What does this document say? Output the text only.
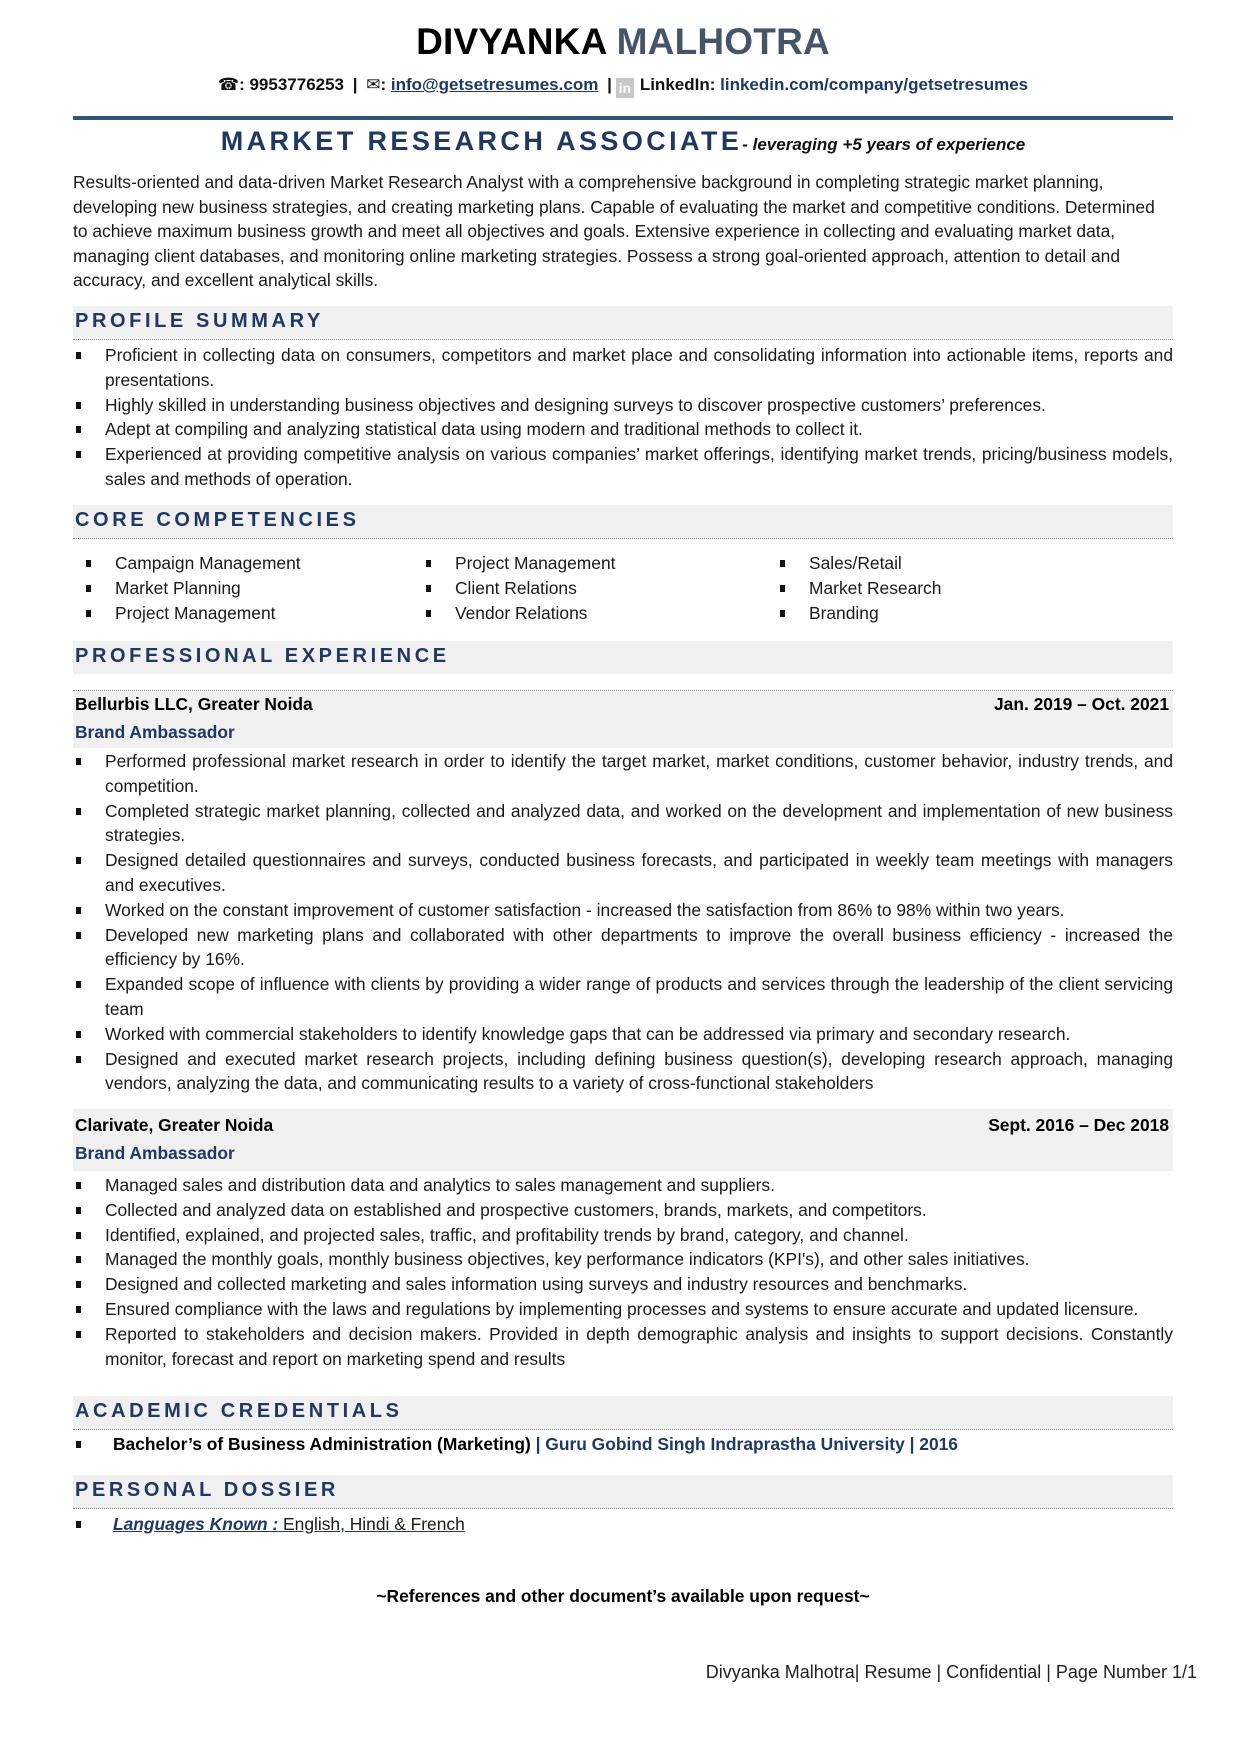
DIVYANKA MALHOTRA
☎: 9953776253 | ✉: info@getsetresumes.com | in LinkedIn: linkedin.com/company/getsetresumes
MARKET RESEARCH ASSOCIATE- leveraging +5 years of experience
Results-oriented and data-driven Market Research Analyst with a comprehensive background in completing strategic market planning, developing new business strategies, and creating marketing plans. Capable of evaluating the market and competitive conditions. Determined to achieve maximum business growth and meet all objectives and goals. Extensive experience in collecting and evaluating market data, managing client databases, and monitoring online marketing strategies. Possess a strong goal-oriented approach, attention to detail and accuracy, and excellent analytical skills.
PROFILE SUMMARY
Proficient in collecting data on consumers, competitors and market place and consolidating information into actionable items, reports and presentations.
Highly skilled in understanding business objectives and designing surveys to discover prospective customers’ preferences.
Adept at compiling and analyzing statistical data using modern and traditional methods to collect it.
Experienced at providing competitive analysis on various companies’ market offerings, identifying market trends, pricing/business models, sales and methods of operation.
CORE COMPETENCIES
Campaign Management
Market Planning
Project Management
Project Management
Client Relations
Vendor Relations
Sales/Retail
Market Research
Branding
PROFESSIONAL EXPERIENCE
Bellurbis LLC, Greater Noida	Jan. 2019 – Oct. 2021
Brand Ambassador
Performed professional market research in order to identify the target market, market conditions, customer behavior, industry trends, and competition.
Completed strategic market planning, collected and analyzed data, and worked on the development and implementation of new business strategies.
Designed detailed questionnaires and surveys, conducted business forecasts, and participated in weekly team meetings with managers and executives.
Worked on the constant improvement of customer satisfaction - increased the satisfaction from 86% to 98% within two years.
Developed new marketing plans and collaborated with other departments to improve the overall business efficiency - increased the efficiency by 16%.
Expanded scope of influence with clients by providing a wider range of products and services through the leadership of the client servicing team
Worked with commercial stakeholders to identify knowledge gaps that can be addressed via primary and secondary research.
Designed and executed market research projects, including defining business question(s), developing research approach, managing vendors, analyzing the data, and communicating results to a variety of cross-functional stakeholders
Clarivate, Greater Noida	Sept. 2016 – Dec 2018
Brand Ambassador
Managed sales and distribution data and analytics to sales management and suppliers.
Collected and analyzed data on established and prospective customers, brands, markets, and competitors.
Identified, explained, and projected sales, traffic, and profitability trends by brand, category, and channel.
Managed the monthly goals, monthly business objectives, key performance indicators (KPI's), and other sales initiatives.
Designed and collected marketing and sales information using surveys and industry resources and benchmarks.
Ensured compliance with the laws and regulations by implementing processes and systems to ensure accurate and updated licensure.
Reported to stakeholders and decision makers. Provided in depth demographic analysis and insights to support decisions. Constantly monitor, forecast and report on marketing spend and results
ACADEMIC CREDENTIALS
Bachelor’s of Business Administration (Marketing) | Guru Gobind Singh Indraprastha University | 2016
PERSONAL DOSSIER
Languages Known : English, Hindi & French
~References and other document’s available upon request~
Divyanka Malhotra| Resume | Confidential | Page Number 1/1
